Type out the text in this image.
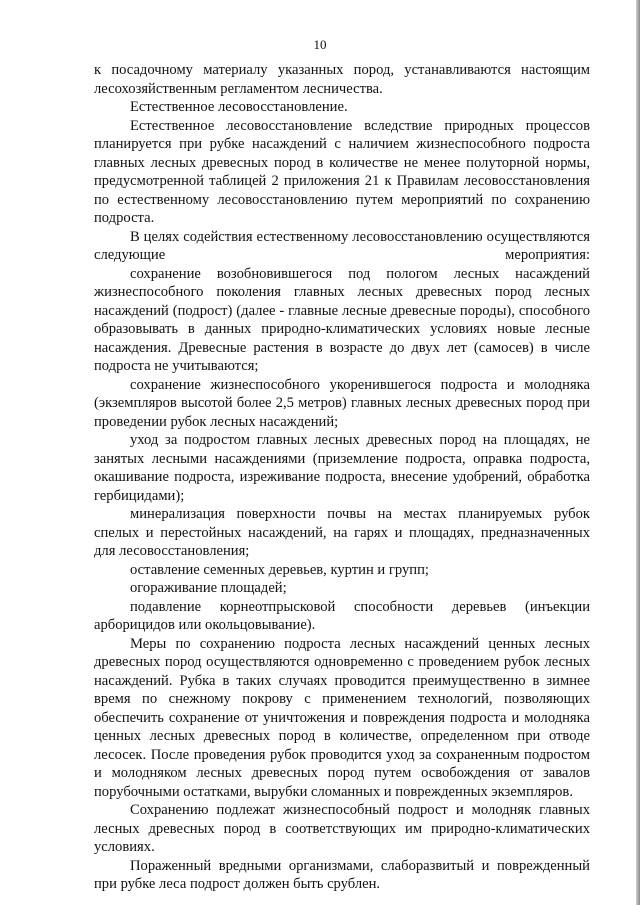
10

к посадочному материалу указанных пород, устанавливаются настоящим лесохозяйственным регламентом лесничества.

Естественное лесовосстановление.

Естественное лесовосстановление вследствие природных процессов планируется при рубке насаждений с наличием жизнеспособного подроста главных лесных древесных пород в количестве не менее полуторной нормы, предусмотренной таблицей 2 приложения 21 к Правилам лесовосстановления по естественному лесовосстановлению путем мероприятий по сохранению подроста.

В целях содействия естественному лесовосстановлению осуществляются следующие мероприятия:

сохранение возобновившегося под пологом лесных насаждений жизнеспособного поколения главных лесных древесных пород лесных насаждений (подрост) (далее - главные лесные древесные породы), способного образовывать в данных природно-климатических условиях новые лесные насаждения. Древесные растения в возрасте до двух лет (самосев) в числе подроста не учитываются;

сохранение жизнеспособного укоренившегося подроста и молодняка (экземпляров высотой более 2,5 метров) главных лесных древесных пород при проведении рубок лесных насаждений;

уход за подростом главных лесных древесных пород на площадях, не занятых лесными насаждениями (приземление подроста, оправка подроста, окашивание подроста, изреживание подроста, внесение удобрений, обработка гербицидами);

минерализация поверхности почвы на местах планируемых рубок спелых и перестойных насаждений, на гарях и площадях, предназначенных для лесовосстановления;

оставление семенных деревьев, куртин и групп;

огораживание площадей;

подавление корнеотпрысковой способности деревьев (инъекции арборицидов или окольцовывание).

Меры по сохранению подроста лесных насаждений ценных лесных древесных пород осуществляются одновременно с проведением рубок лесных насаждений. Рубка в таких случаях проводится преимущественно в зимнее время по снежному покрову с применением технологий, позволяющих обеспечить сохранение от уничтожения и повреждения подроста и молодняка ценных лесных древесных пород в количестве, определенном при отводе лесосек. После проведения рубок проводится уход за сохраненным подростом и молодняком лесных древесных пород путем освобождения от завалов порубочными остатками, вырубки сломанных и поврежденных экземпляров.

Сохранению подлежат жизнеспособный подрост и молодняк главных лесных древесных пород в соответствующих им природно-климатических условиях.

Пораженный вредными организмами, слаборазвитый и поврежденный при рубке леса подрост должен быть срублен.
